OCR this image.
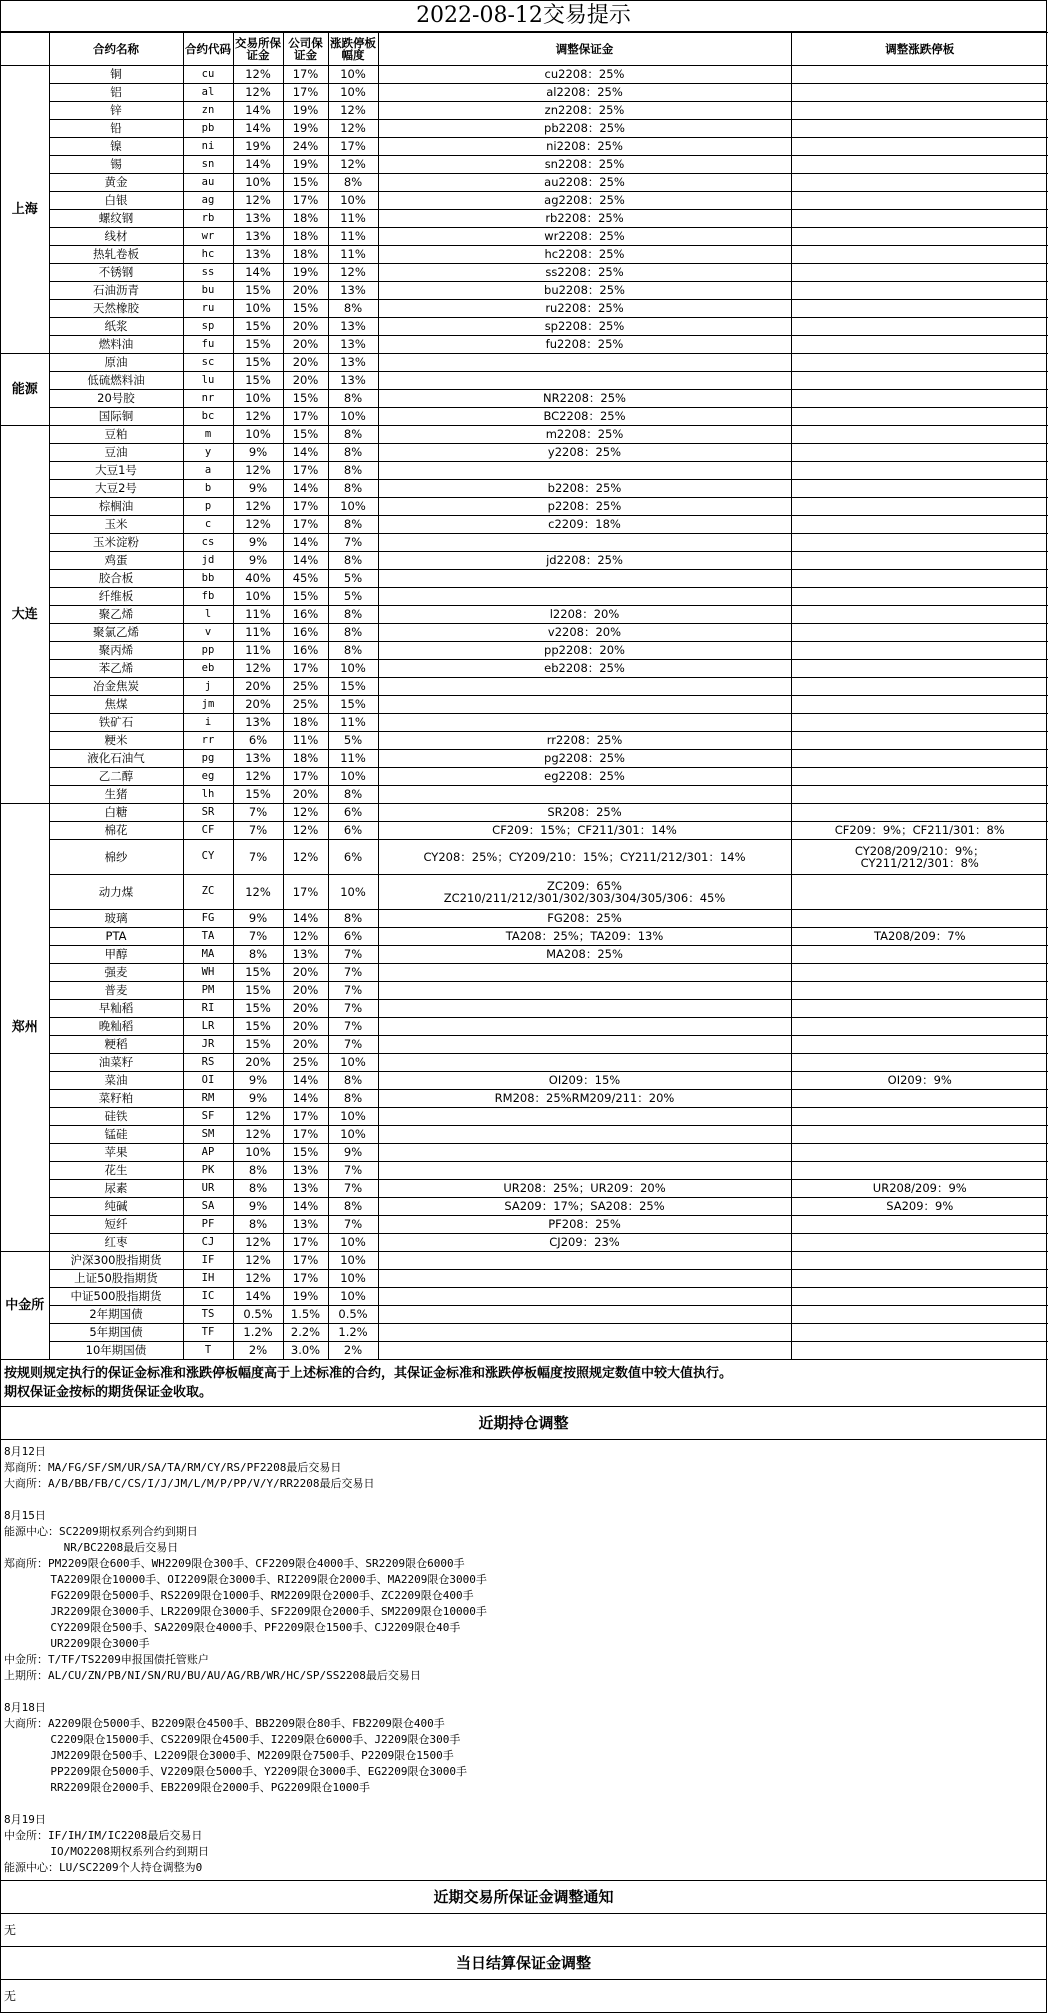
2022-08-12交易提示
	合约名称	合约代码	交易所保证金	公司保证金	涨跌停板幅度	调整保证金	调整涨跌停板
上海	铜	cu	12%	17%	10%	cu2208：25%	
	铝	al	12%	17%	10%	al2208：25%	
	锌	zn	14%	19%	12%	zn2208：25%	
	铅	pb	14%	19%	12%	pb2208：25%	
	镍	ni	19%	24%	17%	ni2208：25%	
	锡	sn	14%	19%	12%	sn2208：25%	
	黄金	au	10%	15%	8%	au2208：25%	
	白银	ag	12%	17%	10%	ag2208：25%	
	螺纹钢	rb	13%	18%	11%	rb2208：25%	
	线材	wr	13%	18%	11%	wr2208：25%	
	热轧卷板	hc	13%	18%	11%	hc2208：25%	
	不锈钢	ss	14%	19%	12%	ss2208：25%	
	石油沥青	bu	15%	20%	13%	bu2208：25%	
	天然橡胶	ru	10%	15%	8%	ru2208：25%	
	纸浆	sp	15%	20%	13%	sp2208：25%	
	燃料油	fu	15%	20%	13%	fu2208：25%	
能源	原油	sc	15%	20%	13%		
	低硫燃料油	lu	15%	20%	13%		
	20号胶	nr	10%	15%	8%	NR2208：25%	
	国际铜	bc	12%	17%	10%	BC2208：25%	
大连	豆粕	m	10%	15%	8%	m2208：25%	
	豆油	y	9%	14%	8%	y2208：25%	
	大豆1号	a	12%	17%	8%		
	大豆2号	b	9%	14%	8%	b2208：25%	
	棕榈油	p	12%	17%	10%	p2208：25%	
	玉米	c	12%	17%	8%	c2209：18%	
	玉米淀粉	cs	9%	14%	7%		
	鸡蛋	jd	9%	14%	8%	jd2208：25%	
	胶合板	bb	40%	45%	5%		
	纤维板	fb	10%	15%	5%		
	聚乙烯	l	11%	16%	8%	l2208：20%	
	聚氯乙烯	v	11%	16%	8%	v2208：20%	
	聚丙烯	pp	11%	16%	8%	pp2208：20%	
	苯乙烯	eb	12%	17%	10%	eb2208：25%	
	冶金焦炭	j	20%	25%	15%		
	焦煤	jm	20%	25%	15%		
	铁矿石	i	13%	18%	11%		
	粳米	rr	6%	11%	5%	rr2208：25%	
	液化石油气	pg	13%	18%	11%	pg2208：25%	
	乙二醇	eg	12%	17%	10%	eg2208：25%	
	生猪	lh	15%	20%	8%		
郑州	白糖	SR	7%	12%	6%	SR208：25%	
	棉花	CF	7%	12%	6%	CF209：15%；CF211/301：14%	CF209：9%；CF211/301：8%
	棉纱	CY	7%	12%	6%	CY208：25%；CY209/210：15%；CY211/212/301：14%	CY208/209/210：9%；
CY211/212/301：8%
	动力煤	ZC	12%	17%	10%	ZC209：65%
ZC210/211/212/301/302/303/304/305/306：45%	
	玻璃	FG	9%	14%	8%	FG208：25%	
	PTA	TA	7%	12%	6%	TA208：25%；TA209：13%	TA208/209：7%
	甲醇	MA	8%	13%	7%	MA208：25%	
	强麦	WH	15%	20%	7%		
	普麦	PM	15%	20%	7%		
	早籼稻	RI	15%	20%	7%		
	晚籼稻	LR	15%	20%	7%		
	粳稻	JR	15%	20%	7%		
	油菜籽	RS	20%	25%	10%		
	菜油	OI	9%	14%	8%	OI209：15%	OI209：9%
	菜籽粕	RM	9%	14%	8%	RM208：25%RM209/211：20%	
	硅铁	SF	12%	17%	10%		
	锰硅	SM	12%	17%	10%		
	苹果	AP	10%	15%	9%		
	花生	PK	8%	13%	7%		
	尿素	UR	8%	13%	7%	UR208：25%；UR209：20%	UR208/209：9%
	纯碱	SA	9%	14%	8%	SA209：17%；SA208：25%	SA209：9%
	短纤	PF	8%	13%	7%	PF208：25%	
	红枣	CJ	12%	17%	10%	CJ209：23%	
中金所	沪深300股指期货	IF	12%	17%	10%		
	上证50股指期货	IH	12%	17%	10%		
	中证500股指期货	IC	14%	19%	10%		
	2年期国债	TS	0.5%	1.5%	0.5%		
	5年期国债	TF	1.2%	2.2%	1.2%		
	10年期国债	T	2%	3.0%	2%		
按规则规定执行的保证金标准和涨跌停板幅度高于上述标准的合约，其保证金标准和涨跌停板幅度按照规定数值中较大值执行。
期权保证金按标的期货保证金收取。
近期持仓调整
8月12日
郑商所：MA/FG/SF/SM/UR/SA/TA/RM/CY/RS/PF2208最后交易日
大商所：A/B/BB/FB/C/CS/I/J/JM/L/M/P/PP/V/Y/RR2208最后交易日

8月15日
能源中心：SC2209期权系列合约到期日
NR/BC2208最后交易日
郑商所：PM2209限仓600手、WH2209限仓300手、CF2209限仓4000手、SR2209限仓6000手
TA2209限仓10000手、OI2209限仓3000手、RI2209限仓2000手、MA2209限仓3000手
FG2209限仓5000手、RS2209限仓1000手、RM2209限仓2000手、ZC2209限仓400手
JR2209限仓3000手、LR2209限仓3000手、SF2209限仓2000手、SM2209限仓10000手
CY2209限仓500手、SA2209限仓4000手、PF2209限仓1500手、CJ2209限仓40手
UR2209限仓3000手
中金所：T/TF/TS2209申报国债托管账户
上期所：AL/CU/ZN/PB/NI/SN/RU/BU/AU/AG/RB/WR/HC/SP/SS2208最后交易日

8月18日
大商所：A2209限仓5000手、B2209限仓4500手、BB2209限仓80手、FB2209限仓400手
C2209限仓15000手、CS2209限仓4500手、I2209限仓6000手、J2209限仓300手
JM2209限仓500手、L2209限仓3000手、M2209限仓7500手、P2209限仓1500手
PP2209限仓5000手、V2209限仓5000手、Y2209限仓3000手、EG2209限仓3000手
RR2209限仓2000手、EB2209限仓2000手、PG2209限仓1000手

8月19日
中金所：IF/IH/IM/IC2208最后交易日
IO/MO2208期权系列合约到期日
能源中心：LU/SC2209个人持仓调整为0
近期交易所保证金调整通知
无
当日结算保证金调整
无
